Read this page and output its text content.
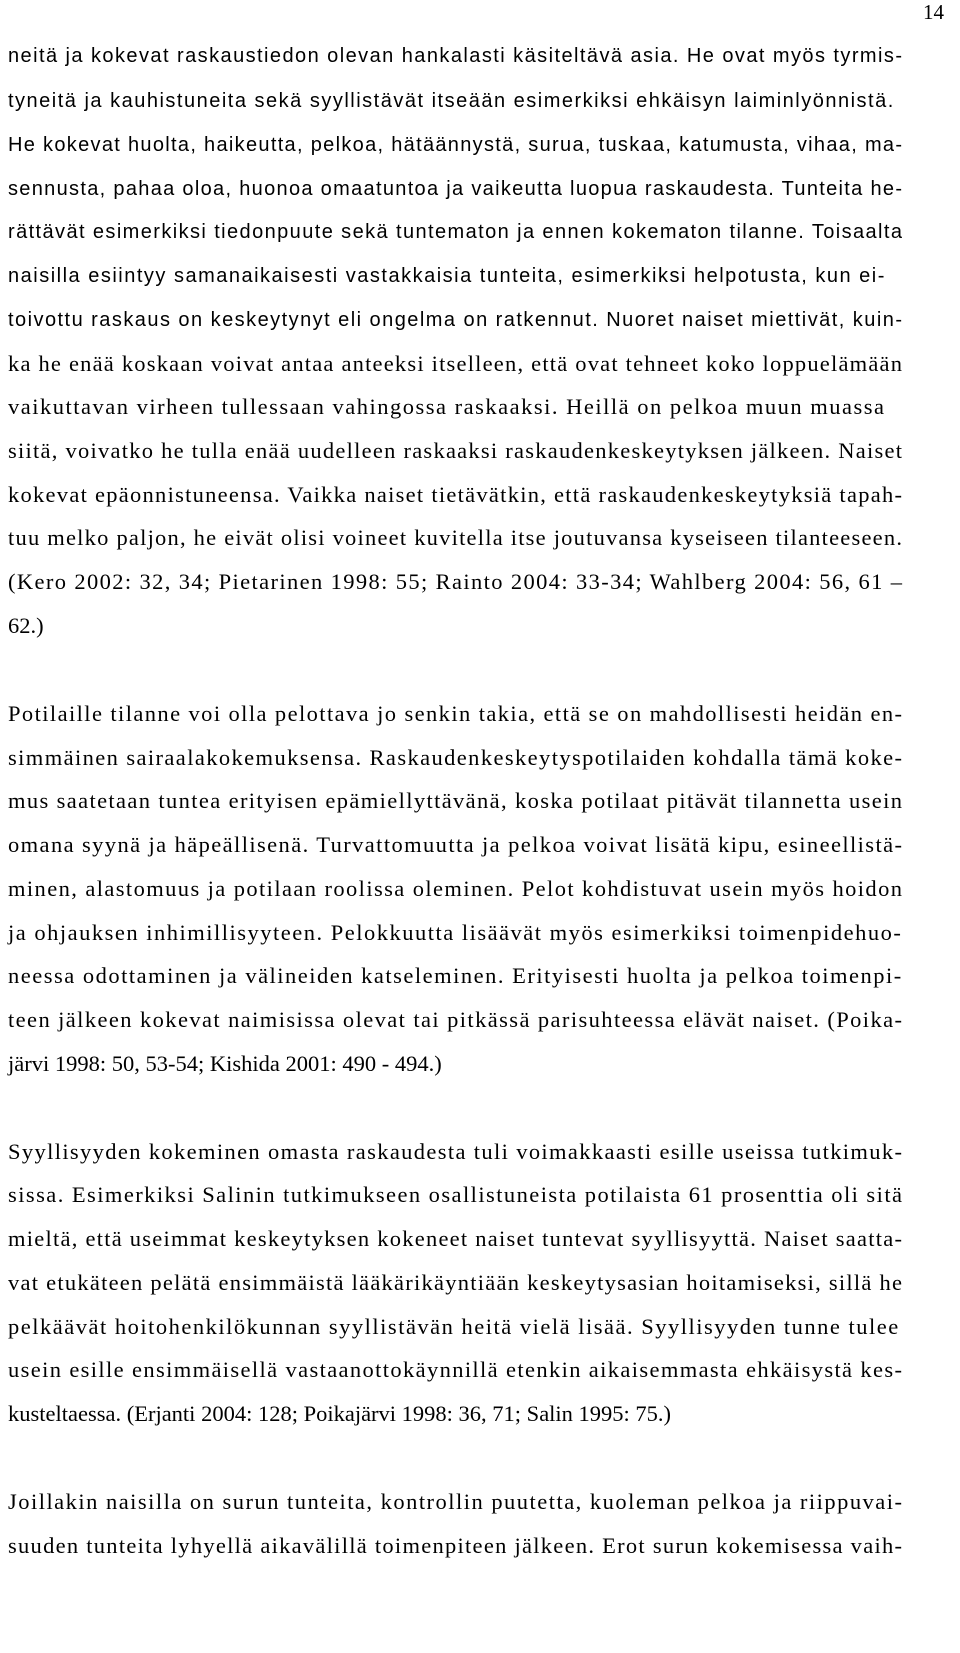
14
neitä ja kokevat raskaustiedon olevan hankalasti käsiteltävä asia. He ovat myös tyrmis-
tyneitä ja kauhistuneita sekä syyllistävät itseään esimerkiksi ehkäisyn laiminlyönnistä.
He kokevat huolta, haikeutta, pelkoa, hätäännystä, surua, tuskaa, katumusta, vihaa, ma-
sennusta, pahaa oloa, huonoa omaatuntoa ja vaikeutta luopua raskaudesta. Tunteita he-
rättävät esimerkiksi tiedonpuute sekä tuntematon ja ennen kokematon tilanne. Toisaalta
naisilla esiintyy samanaikaisesti vastakkaisia tunteita, esimerkiksi helpotusta, kun ei-
toivottu raskaus on keskeytynyt eli ongelma on ratkennut. Nuoret naiset miettivät, kuin-
ka he enää koskaan voivat antaa anteeksi itselleen, että ovat tehneet koko loppuelämään
vaikuttavan virheen tullessaan vahingossa raskaaksi. Heillä on pelkoa muun muassa
siitä, voivatko he tulla enää uudelleen raskaaksi raskaudenkeskeytyksen jälkeen. Naiset
kokevat epäonnistuneensa. Vaikka naiset tietävätkin, että raskaudenkeskeytyksiä tapah-
tuu melko paljon, he eivät olisi voineet kuvitella itse joutuvansa kyseiseen tilanteeseen.
(Kero 2002: 32, 34; Pietarinen 1998: 55; Rainto 2004: 33-34; Wahlberg 2004: 56, 61 –
62.)
Potilaille tilanne voi olla pelottava jo senkin takia, että se on mahdollisesti heidän en-
simmäinen sairaalakokemuksensa. Raskaudenkeskeytyspotilaiden kohdalla tämä koke-
mus saatetaan tuntea erityisen epämiellyttävänä, koska potilaat pitävät tilannetta usein
omana syynä ja häpeällisenä. Turvattomuutta ja pelkoa voivat lisätä kipu, esineellistä-
minen, alastomuus ja potilaan roolissa oleminen. Pelot kohdistuvat usein myös hoidon
ja ohjauksen inhimillisyyteen. Pelokkuutta lisäävät myös esimerkiksi toimenpidehuo-
neessa odottaminen ja välineiden katseleminen. Erityisesti huolta ja pelkoa toimenpi-
teen jälkeen kokevat naimisissa olevat tai pitkässä parisuhteessa elävät naiset. (Poika-
järvi 1998: 50, 53-54; Kishida 2001: 490 - 494.)
Syyllisyyden kokeminen omasta raskaudesta tuli voimakkaasti esille useissa tutkimuk-
sissa. Esimerkiksi Salinin tutkimukseen osallistuneista potilaista 61 prosenttia oli sitä
mieltä, että useimmat keskeytyksen kokeneet naiset tuntevat syyllisyyttä. Naiset saatta-
vat etukäteen pelätä ensimmäistä lääkärikäyntiään keskeytysasian hoitamiseksi, sillä he
pelkäävät hoitohenkilökunnan syyllistävän heitä vielä lisää. Syyllisyyden tunne tulee
usein esille ensimmäisellä vastaanottokäynnillä etenkin aikaisemmasta ehkäisystä kes-
kusteltaessa. (Erjanti 2004: 128; Poikajärvi 1998: 36, 71; Salin 1995: 75.)
Joillakin naisilla on surun tunteita, kontrollin puutetta, kuoleman pelkoa ja riippuvai-
suuden tunteita lyhyellä aikavälillä toimenpiteen jälkeen. Erot surun kokemisessa vaih-
